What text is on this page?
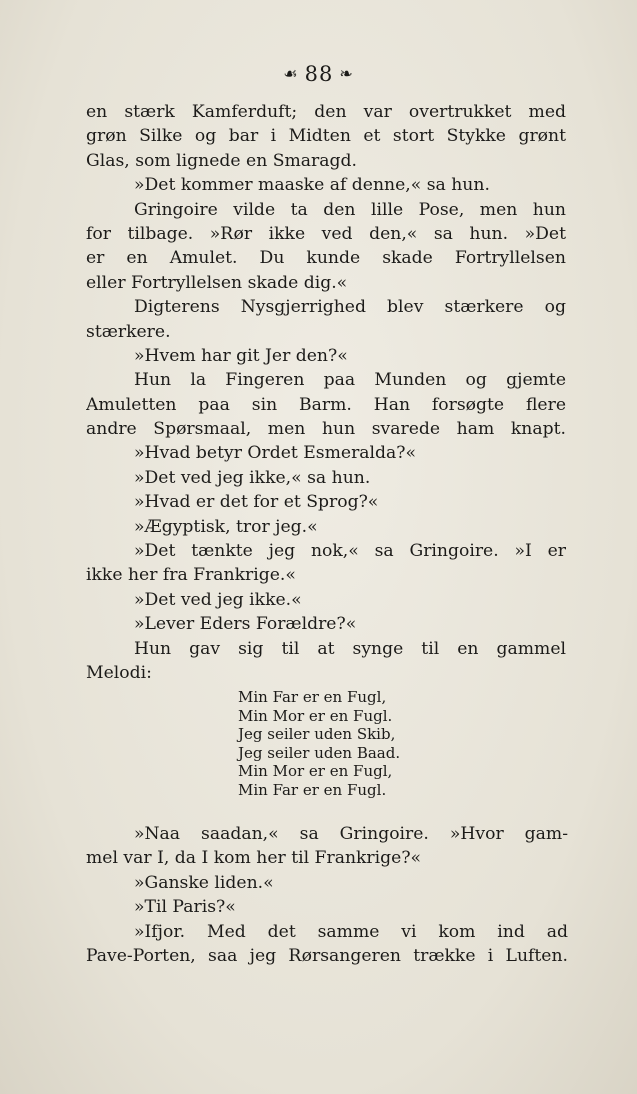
☙ 88 ❧
en stærk Kamferduft; den var overtrukket med
grøn Silke og bar i Midten et stort Stykke grønt
Glas, som lignede en Smaragd.
»Det kommer maaske af denne,« sa hun.
Gringoire vilde ta den lille Pose, men hun
for tilbage. »Rør ikke ved den,« sa hun. »Det
er en Amulet. Du kunde skade Fortryllelsen
eller Fortryllelsen skade dig.«
Digterens Nysgjerrighed blev stærkere og
stærkere.
»Hvem har git Jer den?«
Hun la Fingeren paa Munden og gjemte
Amuletten paa sin Barm. Han forsøgte flere
andre Spørsmaal, men hun svarede ham knapt.
»Hvad betyr Ordet Esmeralda?«
»Det ved jeg ikke,« sa hun.
»Hvad er det for et Sprog?«
»Ægyptisk, tror jeg.«
»Det tænkte jeg nok,« sa Gringoire. »I er
ikke her fra Frankrige.«
»Det ved jeg ikke.«
»Lever Eders Forældre?«
Hun gav sig til at synge til en gammel
Melodi:
Min Far er en Fugl,
Min Mor er en Fugl.
Jeg seiler uden Skib,
Jeg seiler uden Baad.
Min Mor er en Fugl,
Min Far er en Fugl.
»Naa saadan,« sa Gringoire. »Hvor gam-
mel var I, da I kom her til Frankrige?«
»Ganske liden.«
»Til Paris?«
»Ifjor. Med det samme vi kom ind ad
Pave-Porten, saa jeg Rørsangeren trække i Luften.
